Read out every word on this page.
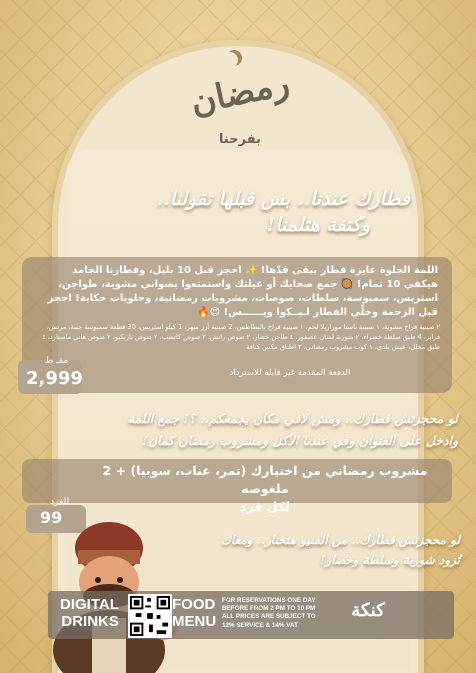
رمضان
بفرحنا
فطارك عندنا.. بس قبلها تقولنا..
وكتفة هتلمنا!
اللمة الحلوة عايزة فطار يبقى قدّها! ✨ احجز قبل 10 بليل، وفطارنا الجامد هيكفي 10 تمام! 🥘 جمع صحابك أو عيلتك واستمتعوا بصواني مشوية، طواجن، استربس، سمبوسة، سلطات، صوصات، مشروبات رمضانية، وحلويات حكاية! احجز قبل الزحمة وخلّي الفطار لـيــكوا ويــــــس! 😍🔥
٢ صينية فراخ مشوية، ١ صينية باستا موزاريلا لحم، ١ صينية فراخ بالبطاطس، 2 صينية أرز مبهر، 1 كيلو استربس، 30 قطعة سمبوسة جبنة، مرتش، فرايز، 4 طبق سلطة خضراء، ٢ شوربة لسان عصفور، ٤ طاجن خضار، ٢ صوص رانش، ٢ صوص كاتشب، ٢ صوص باربكيو، ٢ صوص هاني ماستارد، ٤ طبق مخلل، عيش بلدي، ١ كوب مشروب رمضاني، ٣ اطباق مكس كنافة
الدفعة المقدمة غير قابلة للاسترداد
مقـ ط
2,999
لو محجزتش فطارك.. ومش لاقي مكان يجمعكم.. ؟! جمع اللمة
وادخل على العنوان وفي عندنا الأكل ومشروب رمضان كمان!
مشروب رمضاني من اختيارك (تمر، عناب، سوبيا) + 2 ملغوصه
لكل فرد
للفرد
99
لو محجزتش فطارك.. من المنيو هتختار.. ومعاك
تُزود شوربة وسلطة وخضار!
DIGITAL
DRINKS
FOOD
MENU
FOR RESERVATIONS ONE DAY
BEFORE FROM 2 PM TO 10 PM
ALL PRICES ARE SUBJECT TO
12% SERVICE & 14% VAT
كنكة
